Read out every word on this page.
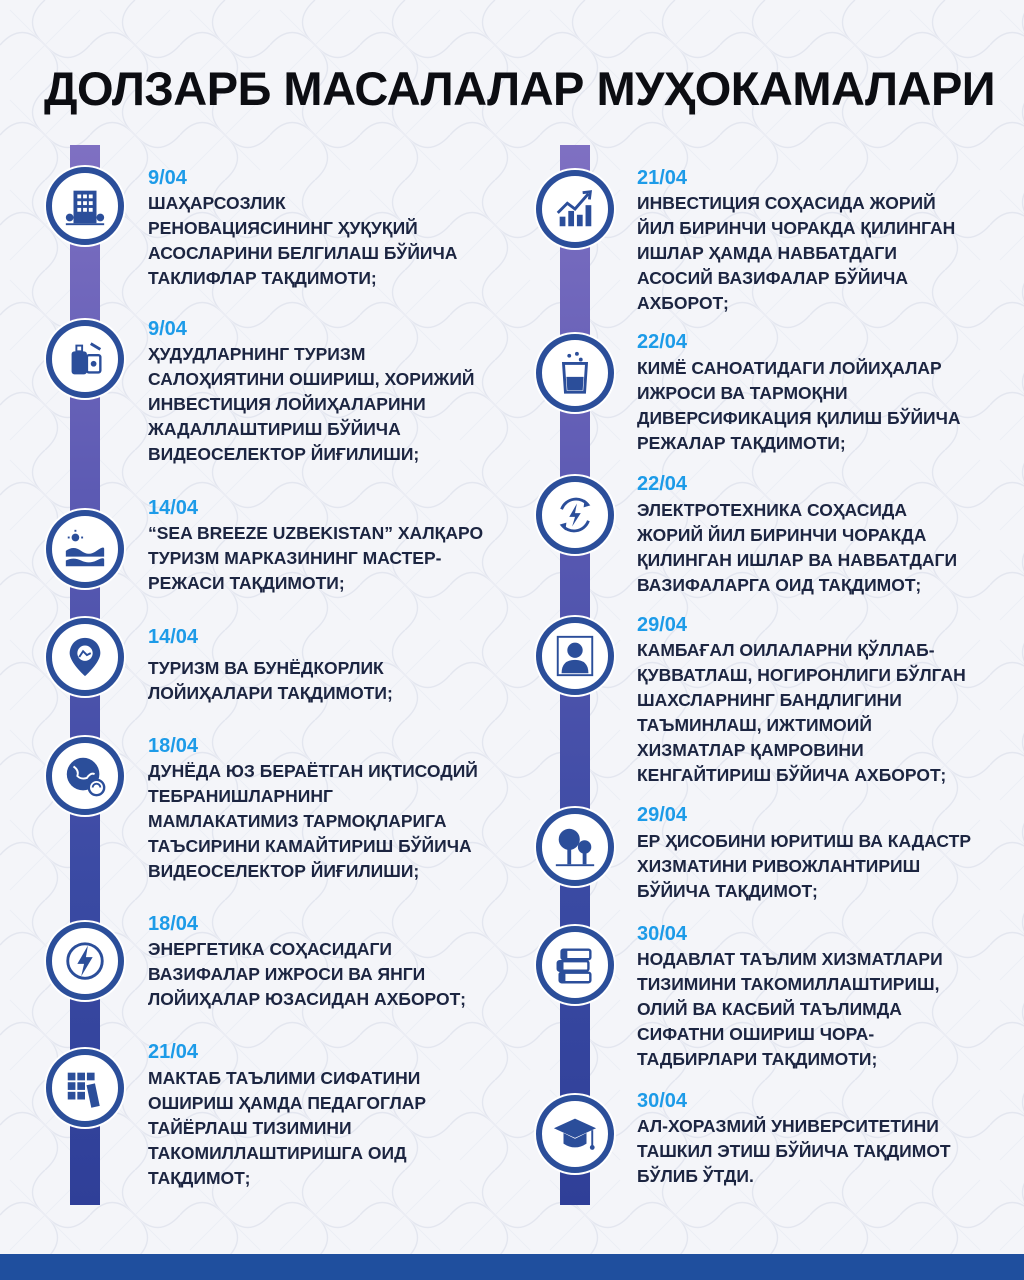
ДОЛЗАРБ МАСАЛАЛАР МУҲОКАМАЛАРИ
9/04
ШАҲАРСОЗЛИК
РЕНОВАЦИЯСИНИНГ ҲУҚУҚИЙ
АСОСЛАРИНИ БЕЛГИЛАШ БЎЙИЧА
ТАКЛИФЛАР ТАҚДИМОТИ;
9/04
ҲУДУДЛАРНИНГ ТУРИЗМ
САЛОҲИЯТИНИ ОШИРИШ, ХОРИЖИЙ
ИНВЕСТИЦИЯ ЛОЙИҲАЛАРИНИ
ЖАДАЛЛАШТИРИШ БЎЙИЧА
ВИДЕОСЕЛЕКТОР ЙИҒИЛИШИ;
14/04
“SEA BREEZE UZBEKISTAN” ХАЛҚАРО
ТУРИЗМ МАРКАЗИНИНГ МАСТЕР-
РЕЖАСИ ТАҚДИМОТИ;
14/04
ТУРИЗМ ВА БУНЁДКОРЛИК
ЛОЙИҲАЛАРИ ТАҚДИМОТИ;
18/04
ДУНЁДА ЮЗ БЕРАЁТГАН ИҚТИСОДИЙ
ТЕБРАНИШЛАРНИНГ
МАМЛАКАТИМИЗ ТАРМОҚЛАРИГА
ТАЪСИРИНИ КАМАЙТИРИШ БЎЙИЧА
ВИДЕОСЕЛЕКТОР ЙИҒИЛИШИ;
18/04
ЭНЕРГЕТИКА СОҲАСИДАГИ
ВАЗИФАЛАР ИЖРОСИ ВА ЯНГИ
ЛОЙИҲАЛАР ЮЗАСИДАН АХБОРОТ;
21/04
МАКТАБ ТАЪЛИМИ СИФАТИНИ
ОШИРИШ ҲАМДА ПЕДАГОГЛАР
ТАЙЁРЛАШ ТИЗИМИНИ
ТАКОМИЛЛАШТИРИШГА ОИД
ТАҚДИМОТ;
21/04
ИНВЕСТИЦИЯ СОҲАСИДА ЖОРИЙ
ЙИЛ БИРИНЧИ ЧОРАКДА ҚИЛИНГАН
ИШЛАР ҲАМДА НАВБАТДАГИ
АСОСИЙ ВАЗИФАЛАР БЎЙИЧА
АХБОРОТ;
22/04
КИМЁ САНОАТИДАГИ ЛОЙИҲАЛАР
ИЖРОСИ ВА ТАРМОҚНИ
ДИВЕРСИФИКАЦИЯ ҚИЛИШ БЎЙИЧА
РЕЖАЛАР ТАҚДИМОТИ;
22/04
ЭЛЕКТРОТЕХНИКА СОҲАСИДА
ЖОРИЙ ЙИЛ БИРИНЧИ ЧОРАКДА
ҚИЛИНГАН ИШЛАР ВА НАВБАТДАГИ
ВАЗИФАЛАРГА ОИД ТАҚДИМОТ;
29/04
КАМБАҒАЛ ОИЛАЛАРНИ ҚЎЛЛАБ-
ҚУВВАТЛАШ, НОГИРОНЛИГИ БЎЛГАН
ШАХСЛАРНИНГ БАНДЛИГИНИ
ТАЪМИНЛАШ, ИЖТИМОИЙ
ХИЗМАТЛАР ҚАМРОВИНИ
КЕНГАЙТИРИШ БЎЙИЧА АХБОРОТ;
29/04
ЕР ҲИСОБИНИ ЮРИТИШ ВА КАДАСТР
ХИЗМАТИНИ РИВОЖЛАНТИРИШ
БЎЙИЧА ТАҚДИМОТ;
30/04
НОДАВЛАТ ТАЪЛИМ ХИЗМАТЛАРИ
ТИЗИМИНИ ТАКОМИЛЛАШТИРИШ,
ОЛИЙ ВА КАСБИЙ ТАЪЛИМДА
СИФАТНИ ОШИРИШ ЧОРА-
ТАДБИРЛАРИ ТАҚДИМОТИ;
30/04
АЛ-ХОРАЗМИЙ УНИВЕРСИТЕТИНИ
ТАШКИЛ ЭТИШ БЎЙИЧА ТАҚДИМОТ
БЎЛИБ ЎТДИ.
